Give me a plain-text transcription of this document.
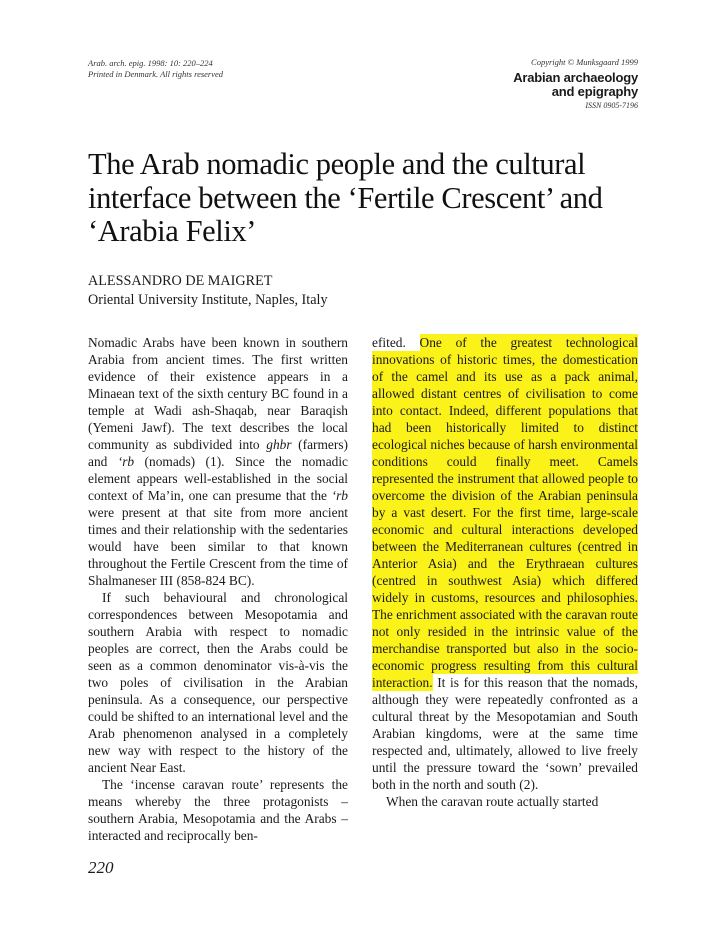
Arab. arch. epig. 1998: 10: 220–224
Printed in Denmark. All rights reserved
Copyright © Munksgaard 1999
Arabian archaeology
and epigraphy
ISSN 0905-7196
The Arab nomadic people and the cultural
interface between the ‘Fertile Crescent’ and
‘Arabia Felix’
ALESSANDRO DE MAIGRET
Oriental University Institute, Naples, Italy

Nomadic Arabs have been known in southern Arabia from ancient times. The first written evidence of their existence appears in a Minaean text of the sixth century BC found in a temple at Wadi ash-Shaqab, near Baraqish (Yemeni Jawf). The text describes the local community as subdivided into ghbr (farmers) and ‘rb (nomads) (1). Since the nomadic element appears well-established in the social context of Ma’in, one can presume that the ‘rb were present at that site from more ancient times and their relationship with the sedentaries would have been similar to that known throughout the Fertile Crescent from the time of Shalmaneser III (858-824 BC).

If such behavioural and chronological correspondences between Mesopotamia and southern Arabia with respect to nomadic peoples are correct, then the Arabs could be seen as a common denominator vis-à-vis the two poles of civilisation in the Arabian peninsula. As a consequence, our perspective could be shifted to an international level and the Arab phenomenon analysed in a completely new way with respect to the history of the ancient Near East.

The ‘incense caravan route’ represents the means whereby the three protagonists – southern Arabia, Mesopotamia and the Arabs – interacted and reciprocally ben-

efited. One of the greatest technological innovations of historic times, the domestication of the camel and its use as a pack animal, allowed distant centres of civilisation to come into contact. Indeed, different populations that had been historically limited to distinct ecological niches because of harsh environmental conditions could finally meet. Camels represented the instrument that allowed people to overcome the division of the Arabian peninsula by a vast desert. For the first time, large-scale economic and cultural interactions developed between the Mediterranean cultures (centred in Anterior Asia) and the Erythraean cultures (centred in southwest Asia) which differed widely in customs, resources and philosophies. The enrichment associated with the caravan route not only resided in the intrinsic value of the merchandise transported but also in the socio-economic progress resulting from this cultural interaction. It is for this reason that the nomads, although they were repeatedly confronted as a cultural threat by the Mesopotamian and South Arabian kingdoms, were at the same time respected and, ultimately, allowed to live freely until the pressure toward the ‘sown’ prevailed both in the north and south (2).

When the caravan route actually started

220
